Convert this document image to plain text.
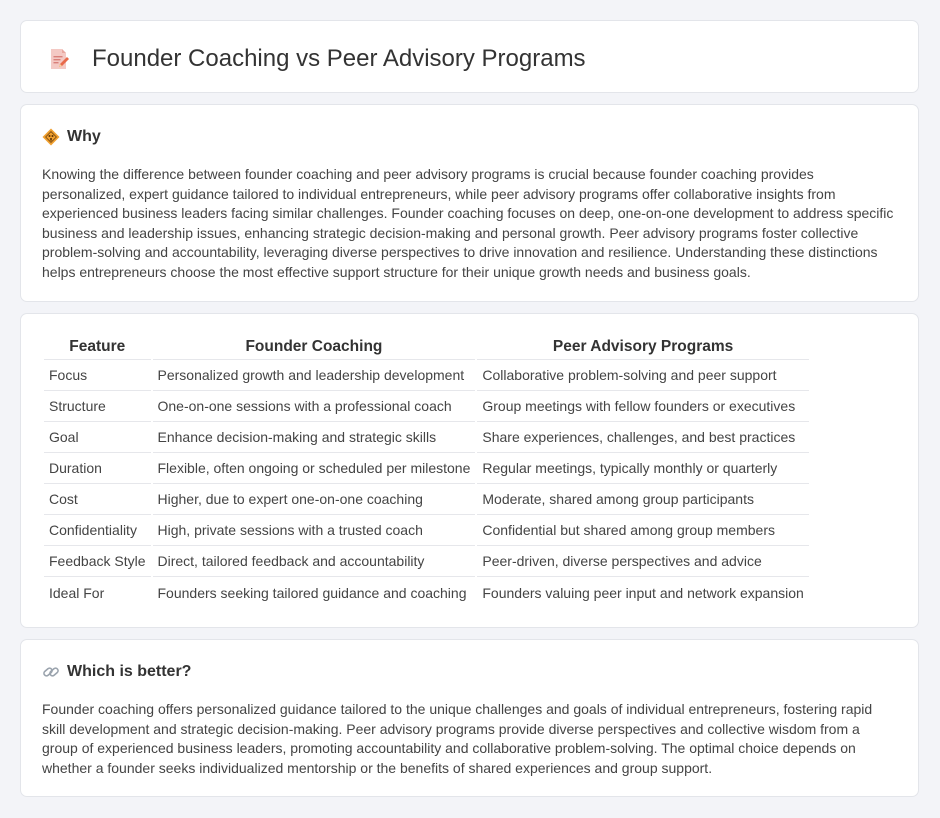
Founder Coaching vs Peer Advisory Programs
Why

Knowing the difference between founder coaching and peer advisory programs is crucial because founder coaching provides personalized, expert guidance tailored to individual entrepreneurs, while peer advisory programs offer collaborative insights from experienced business leaders facing similar challenges. Founder coaching focuses on deep, one-on-one development to address specific business and leadership issues, enhancing strategic decision-making and personal growth. Peer advisory programs foster collective problem-solving and accountability, leveraging diverse perspectives to drive innovation and resilience. Understanding these distinctions helps entrepreneurs choose the most effective support structure for their unique growth needs and business goals.

Feature	Founder Coaching	Peer Advisory Programs
Focus	Personalized growth and leadership development	Collaborative problem-solving and peer support
Structure	One-on-one sessions with a professional coach	Group meetings with fellow founders or executives
Goal	Enhance decision-making and strategic skills	Share experiences, challenges, and best practices
Duration	Flexible, often ongoing or scheduled per milestone	Regular meetings, typically monthly or quarterly
Cost	Higher, due to expert one-on-one coaching	Moderate, shared among group participants
Confidentiality	High, private sessions with a trusted coach	Confidential but shared among group members
Feedback Style	Direct, tailored feedback and accountability	Peer-driven, diverse perspectives and advice
Ideal For	Founders seeking tailored guidance and coaching	Founders valuing peer input and network expansion
Which is better?

Founder coaching offers personalized guidance tailored to the unique challenges and goals of individual entrepreneurs, fostering rapid skill development and strategic decision-making. Peer advisory programs provide diverse perspectives and collective wisdom from a group of experienced business leaders, promoting accountability and collaborative problem-solving. The optimal choice depends on whether a founder seeks individualized mentorship or the benefits of shared experiences and group support.
